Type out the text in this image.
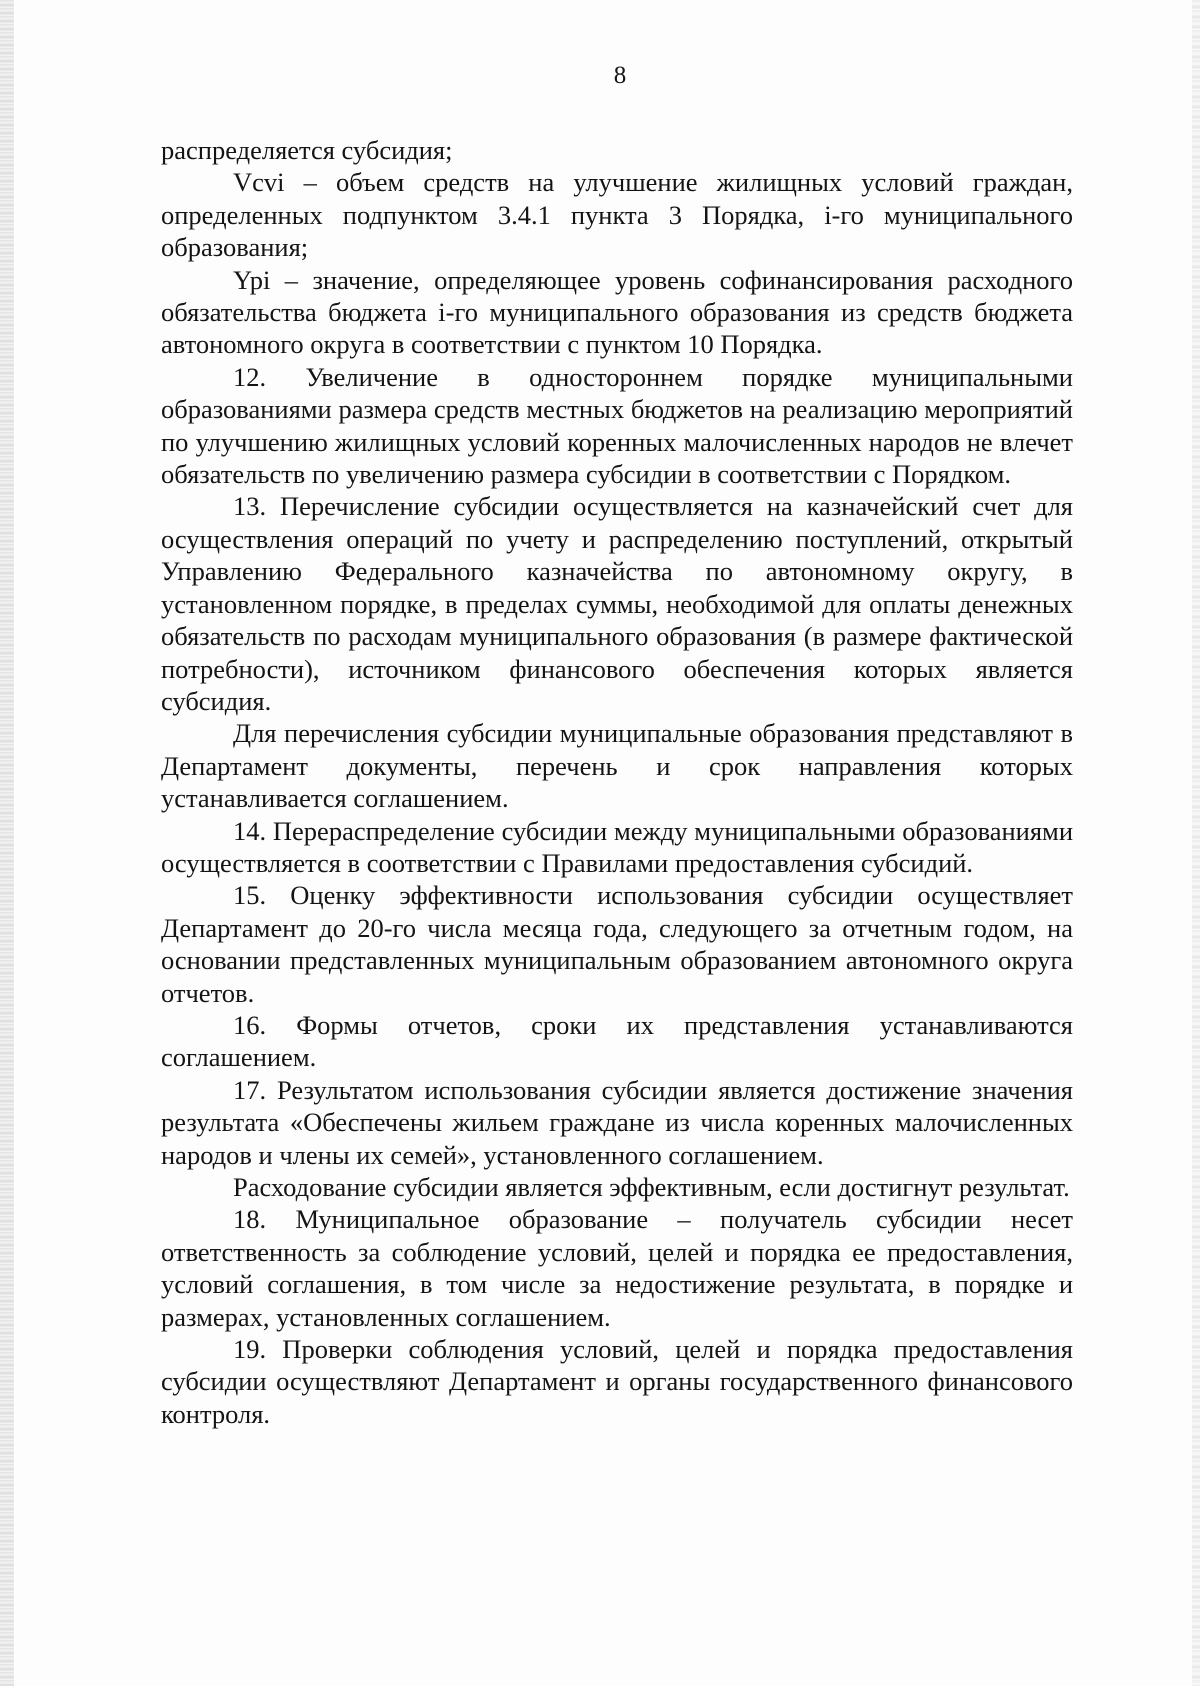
8

распределяется субсидия;

Vcvi – объем средств на улучшение жилищных условий граждан, определенных подпунктом 3.4.1 пункта 3 Порядка, i-го муниципального образования;

Ypi – значение, определяющее уровень софинансирования расходного обязательства бюджета i-го муниципального образования из средств бюджета автономного округа в соответствии с пунктом 10 Порядка.

12. Увеличение в одностороннем порядке муниципальными образованиями размера средств местных бюджетов на реализацию мероприятий по улучшению жилищных условий коренных малочисленных народов не влечет обязательств по увеличению размера субсидии в соответствии с Порядком.

13. Перечисление субсидии осуществляется на казначейский счет для осуществления операций по учету и распределению поступлений, открытый Управлению Федерального казначейства по автономному округу, в установленном порядке, в пределах суммы, необходимой для оплаты денежных обязательств по расходам муниципального образования (в размере фактической потребности), источником финансового обеспечения которых является субсидия.

Для перечисления субсидии муниципальные образования представляют в Департамент документы, перечень и срок направления которых устанавливается соглашением.

14. Перераспределение субсидии между муниципальными образованиями осуществляется в соответствии с Правилами предоставления субсидий.

15. Оценку эффективности использования субсидии осуществляет Департамент до 20-го числа месяца года, следующего за отчетным годом, на основании представленных муниципальным образованием автономного округа отчетов.

16. Формы отчетов, сроки их представления устанавливаются соглашением.

17. Результатом использования субсидии является достижение значения результата «Обеспечены жильем граждане из числа коренных малочисленных народов и члены их семей», установленного соглашением.

Расходование субсидии является эффективным, если достигнут результат.

18. Муниципальное образование – получатель субсидии несет ответственность за соблюдение условий, целей и порядка ее предоставления, условий соглашения, в том числе за недостижение результата, в порядке и размерах, установленных соглашением.

19. Проверки соблюдения условий, целей и порядка предоставления субсидии осуществляют Департамент и органы государственного финансового контроля.
